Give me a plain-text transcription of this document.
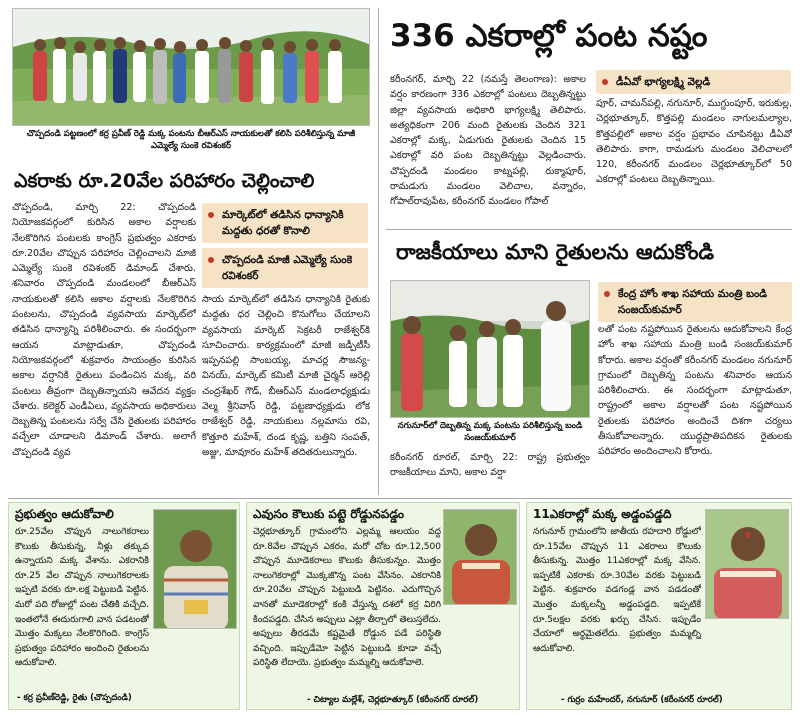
చొప్పదండి పట్టణంలో కర్ర ప్రవీణ్ రెడ్డి మక్క పంటను బీఆర్ఎస్ నాయకులతో కలిసి పరిశీలిస్తున్న మాజీ ఎమ్మెల్యే సుంకె రవిశంకర్
ఎకరాకు రూ.20వేల పరిహారం చెల్లించాలి
చొప్పదండి, మార్చి 22: చొప్పదండి నియోజకవర్గంలో కురిసిన అకాల వర్షాలకు నేలకొరిగిన పంటలకు కాంగ్రెస్ ప్రభుత్వం ఎకరాకు రూ.20వేల చొప్పున పరిహారం చెల్లించాలని మాజీ ఎమ్మెల్యే సుంకె రవిశంకర్ డిమాండ్ చేశారు. శనివారం చొప్పదండి మండలంలో బీఆర్ఎస్ నాయకులతో కలిసి అకాల వర్షాలకు నేలకొరిగిన పంటలను, చొప్పదండి వ్యవసాయ మార్కెట్‌లో తడిసిన ధాన్యాన్ని పరిశీలించారు. ఈ సందర్భంగా ఆయన మాట్లాడుతూ, చొప్పదండి నియోజకవర్గంలో శుక్రవారం సాయంత్రం కురిసిన అకాల వర్షానికి రైతులు పండించిన మక్క, వరి పంటలు తీవ్రంగా దెబ్బతిన్నాయని ఆవేదన వ్యక్తం చేశారు. కలెక్టర్ ఎండీఏలు, వ్యవసాయ అధికారులు దెబ్బతిన్న పంటలను సర్వే చేసి రైతులకు పరిహారం వచ్చేలా చూడాలని డిమాండ్ చేశారు. అలాగే చొప్పదండి వ్యవ
మార్కెట్‌లో తడిసిన ధాన్యానికి మద్దతు ధరతో కొనాలి
చొప్పదండి మాజీ ఎమ్మెల్యే సుంకె రవిశంకర్
సాయ మార్కెట్‌లో తడిసిన ధాన్యానికి రైతుకు మద్దతు ధర చెల్లించి కొనుగోలు చేయాలని వ్యవసాయ మార్కెట్ సెక్రటరీ రాజేశ్వర్‌కి సూచించారు. కార్యక్రమంలో మాజీ జడ్పీటీసీ ఇప్పనపల్లి సాంబయ్య, మాచర్ల సౌజన్య-వినయ్, మార్కెట్ కమిటీ మాజీ చైర్మన్ ఆరెల్లి చంద్రశేఖర్ గౌడ్, బీఆర్ఎస్ మండలాధ్యక్షుడు వెల్మ శ్రీనివాస్ రెడ్డి, పట్టణాధ్యక్షుడు లోక రాజేశ్వర్ రెడ్డి, నాయకులు నల్లమాసు రవి, కొత్తూరి మహేశ్, దండ కృష్ణ, బత్తిని సంపత్, అజ్జు, మావూరం మహేశ్ తదితరులున్నారు.
336 ఎకరాల్లో పంట నష్టం
కరీంనగర్, మార్చి 22 (నమస్తే తెలంగాణ): అకాల వర్షం కారణంగా 336 ఎకరాల్లో పంటలు దెబ్బతిన్నట్టు జిల్లా వ్యవసాయ అధికారి భాగ్యలక్ష్మి తెలిపారు. అత్యధికంగా 206 మంది రైతులకు చెందిన 321 ఎకరాల్లో మక్క, ఏడుగురు రైతులకు చెందిన 15 ఎకరాల్లో వరి పంట దెబ్బతిన్నట్టు వెల్లడించారు. చొప్పదండి మండలం కాట్నపల్లి, రుక్మాపూర్, రామడుగు మండలం వెలిచాల, వన్నారం, గోపాల్‌రావుపేట, కరీంనగర్ మండలం గోపాల్
డీఏవో భాగ్యలక్ష్మి వెల్లడి
పూర్, చామన్‌పల్లి, నగునూర్, ముగ్దుంపూర్, ఇరుకుల్ల, చెర్లభూత్కూర్, కొత్తపల్లి మండలం నాగులమల్యాల, కొత్తపల్లిలో అకాల వర్షం ప్రభావం చూపినట్టు డీఏవో తెలిపారు. కాగా, రామడుగు మండలం వెలిచాలలో 120, కరీంనగర్ మండలం చెర్లభూత్కూర్‌లో 50 ఎకరాల్లో పంటలు దెబ్బతిన్నాయి.
రాజకీయాలు మాని రైతులను ఆదుకోండి
నగునూర్‌లో దెబ్బతిన్న మక్క పంటను పరిశీలిస్తున్న బండి సంజయ్‌కుమార్
కేంద్ర హోం శాఖ సహాయ మంత్రి బండి సంజయ్‌కుమార్
లతో పంట నష్టపోయిన రైతులను ఆదుకోవాలని కేంద్ర హోం శాఖ సహాయ మంత్రి బండి సంజయ్‌కుమార్ కోరారు. అకాల వర్షంతో కరీంనగర్ మండలం నగునూర్ గ్రామంలో దెబ్బతిన్న పంటను శనివారం ఆయన పరిశీలించారు. ఈ సందర్భంగా మాట్లాడుతూ, రాష్ట్రంలో అకాల వర్షాలతో పంట నష్టపోయిన రైతులకు పరిహారం అందించే దిశగా చర్యలు తీసుకోవాలన్నారు. యుద్ధప్రాతిపదికన రైతులకు పరిహారం అందించాలని కోరారు.
కరీంనగర్ రూరల్, మార్చి 22: రాష్ట్ర ప్రభుత్వం రాజకీయాలు మాని, అకాల వర్షా
ప్రభుత్వం ఆదుకోవాలి
రూ.25వేల చొప్పున నాలుగెకరాలు కౌలుకు తీసుకున్న, నీళ్లు తక్కువ ఉన్నాయని మక్క వేశాను. ఎకరానికి రూ.25 వేల చొప్పున నాలుగెకరాలకు ఇప్పటి వరకు రూ.లక్ష పెట్టుబడి పెట్టిన. మరో పది రోజుల్లో పంట చేతికి వచ్చేది. ఇంతలోనే ఈదురుగాలి వాన పడటంతో మొత్తం మక్కలు నేలకొరిగింది. కాంగ్రెస్ ప్రభుత్వం పరిహారం అందించి రైతులను ఆదుకోవాలి.
- కర్ర ప్రవీణ్‌రెడ్డి, రైతు (చొప్పదండి)
ఎవుసం కౌలుకు పట్టె రోడ్డునపడ్డం
చెర్లభూత్కూర్ గ్రామంలోని ఎల్లమ్మ ఆలయం వద్ద రూ.8వేల చొప్పున ఎకరం, మరో చోట రూ.12,500 చొప్పున మూడెకరాలు కౌలుకు తీసుకున్నం. మొత్తం నాలుగెకరాల్లో మొక్కజొన్న పంట వేసినం. ఎకరానికి రూ.20వేల చొప్పున పెట్టుబడి పెట్టినం. ఎదుగొచ్చిన వానతో మూడెకరాల్లో కంకి వేస్తున్న దశలో కర్ర విరిగి కిందపడ్డది. చేసిన అప్పులు ఎట్లా తీర్చాలో తెలుస్తలేదు. అప్పులు తీరడమే కష్టమైతే రోడ్డున పడే పరిస్థితి వచ్చింది. ఇప్పుడేమో పెట్టిన పెట్టుబడి కూడా వచ్చే పరిస్థితి లేదాయె. ప్రభుత్వం మమ్మల్ని ఆదుకోవాలె.
- చిట్యాల మల్లేశ్, చెర్లభూత్కూర్ (కరీంనగర్ రూరల్)
11ఎకరాల్లో మక్క అడ్డంపడ్డది
నగునూర్ గ్రామంలోని జాతీయ రహదారి రోడ్డులో రూ.15వేల చొప్పున 11 ఎకరాలు కౌలుకు తీసుకున్న. మొత్తం 11ఎకరాల్లో మక్క వేసిన. ఇప్పటికే ఎకరాకు రూ.30వేల వరకు పెట్టుబడి పెట్టిన. శుక్రవారం వడగండ్ల వాన పడడంతో మొత్తం మక్కలన్నీ అడ్డంపడ్డది. ఇప్పటికే రూ.5లక్షల వరకు ఖర్చు చేసిన. ఇప్పుడేం చేయాలో అర్థమైతలేదు. ప్రభుత్వం మమ్మల్ని ఆదుకోవాలి.
- గుర్రం మహేందర్, నగునూర్ (కరీంనగర్ రూరల్)
